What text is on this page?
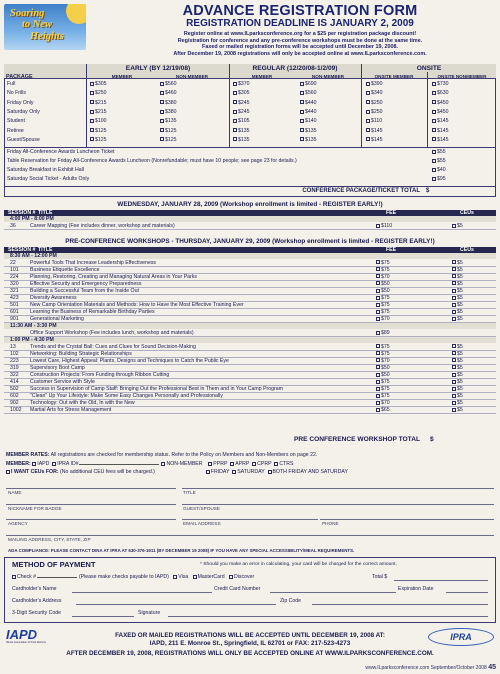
Soaring
to New
Heights
ADVANCE REGISTRATION FORM
REGISTRATION DEADLINE IS JANUARY 2, 2009
Register online at www.ILparksconference.org for a $25 per registration package discount!
Registration for conference and any pre-conference workshops must be done at the same time.
Faxed or mailed registration forms will be accepted until December 19, 2008.
After December 19, 2008 registrations will only be accepted online at www.ILparksconference.com.
EARLY (BY 12/19/08)	REGULAR (12/20/08-1/2/09)	ONSITE
PACKAGE	MEMBER	NON-MEMBER	MEMBER	NON-MEMBER	ONSITE MEMBER	ONSITE NONMEMBER
Full	$305	$560	$370	$690	$390	$730
No Frills	$250	$460	$305	$560	$340	$630
Friday Only	$215	$380	$245	$440	$250	$450
Saturday Only	$215	$380	$245	$440	$250	$450
Student	$100	$135	$105	$140	$110	$145
Retiree	$125	$125	$135	$135	$145	$145
Guest/Spouse	$125	$125	$135	$135	$145	$145
Friday All-Conference Awards Luncheon Ticket	$55
Table Reservation for Friday All-Conference Awards Luncheon (Nonrefundable; must have 10 people; see page 23 for details.)	$55
Saturday Breakfast in Exhibit Hall	$40
Saturday Social Ticket - Adults Only	$95
CONFERENCE PACKAGE/TICKET TOTAL $
WEDNESDAY, JANUARY 28, 2009 (Workshop enrollment is limited - REGISTER EARLY!)
SESSION # TITLE	FEE	CEUs
4:00 PM - 8:00 PM
36	Career Mapping (Fee includes dinner, workshop and materials)	$110	$5
PRE-CONFERENCE WORKSHOPS - THURSDAY, JANUARY 29, 2009 (Workshop enrollment is limited - REGISTER EARLY!)
SESSION # TITLE	FEE	CEUs
8:30 AM - 12:00 PM
22	Powerful Tools That Increase Leadership Effectiveness	$75	$5
101 Business Etiquette Excellence	$75	$5
224 Planning, Restoring, Creating and Managing Natural Areas in Your Parks	$70	$5
320 Effective Security and Emergency Preparedness	$50	$5
321 Building a Successful Team from the Inside Out	$50	$5
423 Diversity Awareness	$75	$5
501 New Camp Orientation Materials and Methods: How to Have the Most Effective Training Ever	$75	$5
601 Learning the Business of Remarkable Birthday Parties	$75	$5
901 Generational Marketing	$70	$5
11:30 AM - 3:30 PM
Office Support Workshop (Fee includes lunch, workshop and materials)	$89
1:00 PM - 4:30 PM
13	Trends and the Crystal Ball: Cues and Clues for Sound Decision-Making	$75	$5
102 Networking: Building Strategic Relationships	$75	$5
223 Lowest Care, Highest Appeal: Plants, Designs and Techniques to Catch the Public Eye	$70	$5
319 Supervisory Boot Camp	$50	$5
322 Construction Projects: From Funding through Ribbon Cutting	$50	$5
414 Customer Service with Style	$75	$5
502 Success in Supervision of Camp Staff: Bringing Out the Professional Best in Them and in Your Camp Program	$75	$5
602 "Clean" Up Your Lifestyle: Make Some Easy Changes Personally and Professionally	$75	$5
902 Technology: Out with the Old, In with the New	$70	$5
1002 Martial Arts for Stress Management	$65	$5
PRE CONFERENCE WORKSHOP TOTAL $
MEMBER RATES: All registrations are checked for membership status. Refer to the Policy on Members and Non-Members on page 22.
MEMBER: IAPD IPRA ID#	NON-MEMBER PPRP APRP CPRP CTRS
I WANT CEUs FOR: (No additional CEU fees will be charged.)	FRIDAY SATURDAY BOTH FRIDAY AND SATURDAY
NAME	TITLE
NICKNAME FOR BADGE	GUEST/SPOUSE
AGENCY	EMAIL ADDRESS	PHONE
MAILING ADDRESS, CITY, STATE, ZIP
ADA COMPLIANCE: PLEASE CONTACT DINA AT IPRA AT 630-376-1911 (BY DECEMBER 19 2008) IF YOU HAVE ANY SPECIAL ACCESSIBILITY/MEAL REQUIREMENTS.
METHOD OF PAYMENT	* Should you make an error in calculating, your card will be charged for the correct amount.
Check #	(Please make checks payable to IAPD) Visa MasterCard Discover	Total $
Cardholder's Name	Credit Card Number	Expiration Date
Cardholder's Address	Zip Code
3-Digit Security Code	Signature
IAPD
Illinois Association of Park Districts
IPRA
FAXED OR MAILED REGISTRATIONS WILL BE ACCEPTED UNTIL DECEMBER 19, 2008 AT:
IAPD, 211 E. Monroe St., Springfield, IL 62701 or FAX: 217-523-4273
AFTER DECEMBER 19, 2008, REGISTRATIONS WILL ONLY BE ACCEPTED ONLINE AT WWW.ILPARKSCONFERENCE.COM.
www.ILparksconference.com September/October 2008 45
